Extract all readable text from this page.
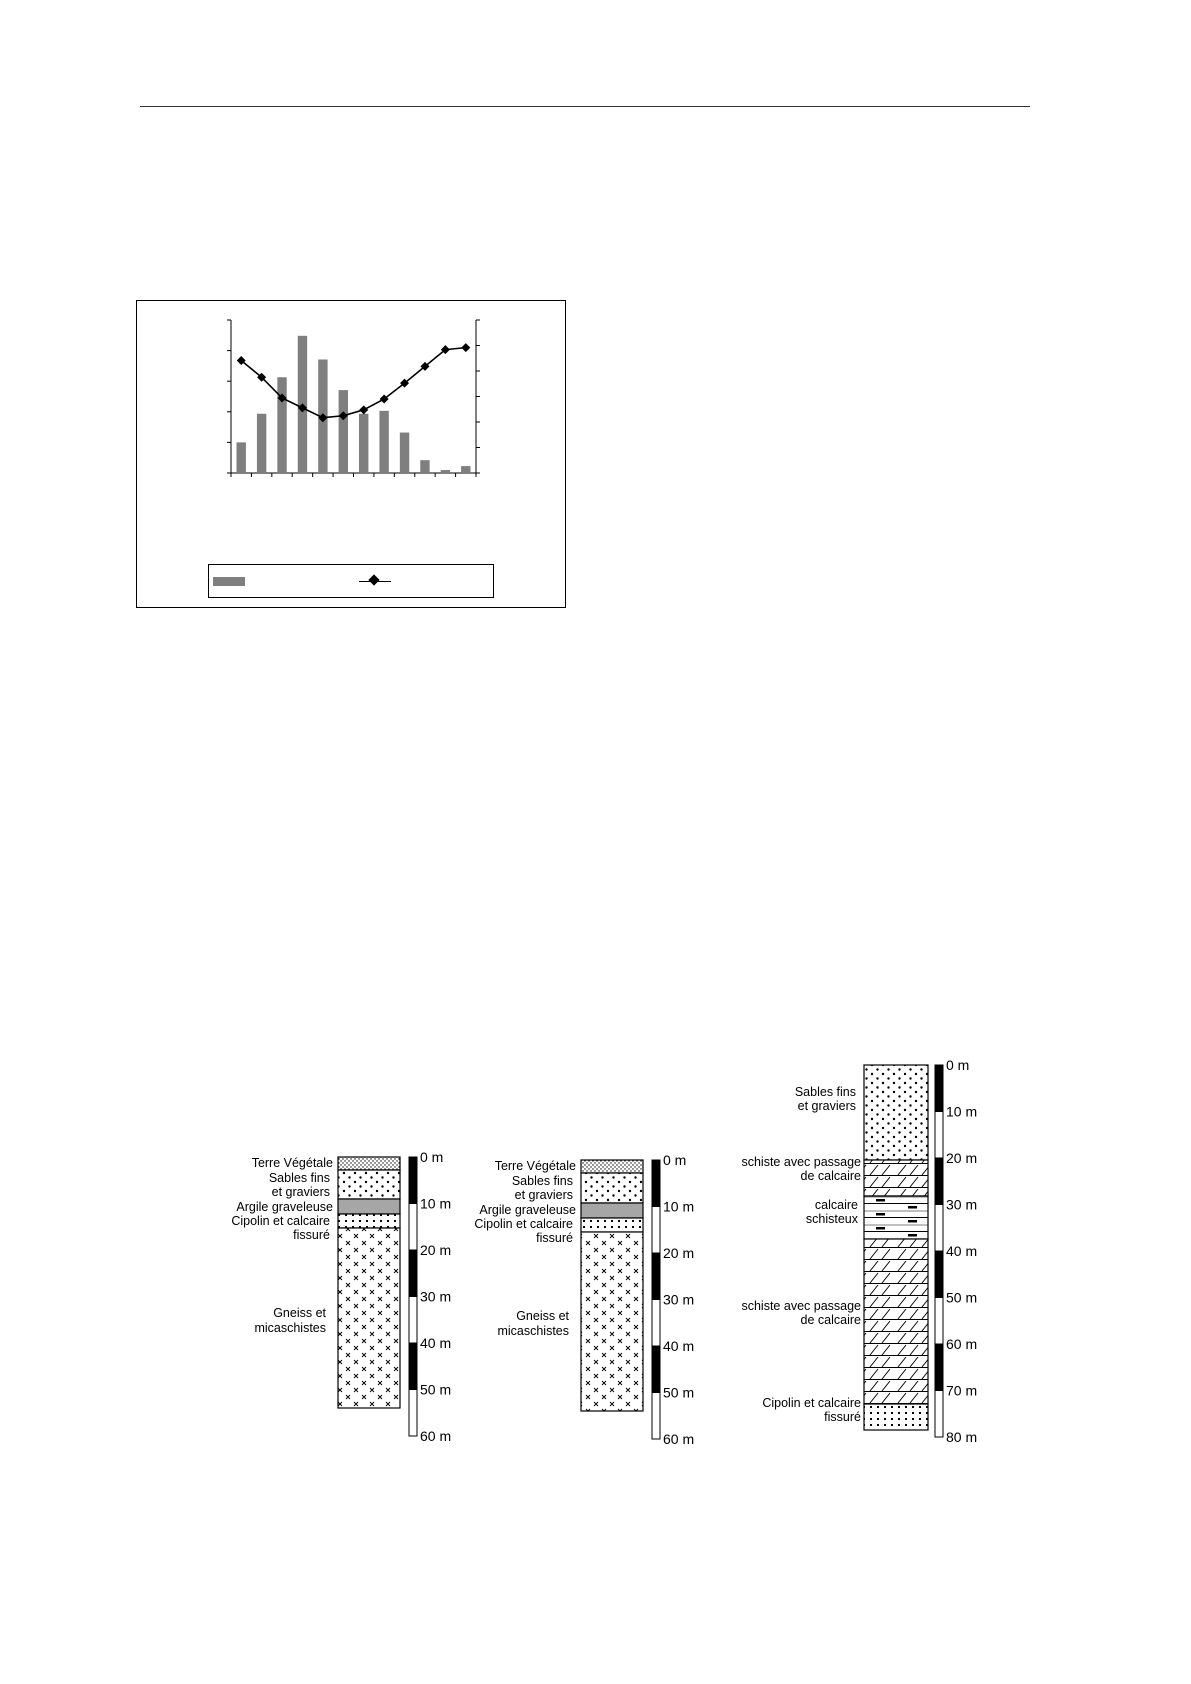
Terre Végétale
Sables fins
et graviers
Argile graveleuse
Cipolin et calcaire
fissuré
Gneiss et
micaschistes
0 m
10 m
20 m
30 m
40 m
50 m
60 m
Terre Végétale
Sables fins
et graviers
Argile graveleuse
Cipolin et calcaire
fissuré
Gneiss et
micaschistes
0 m
10 m
20 m
30 m
40 m
50 m
60 m
Sables fins
et graviers
schiste avec passage
de calcaire
calcaire
schisteux
schiste avec passage
de calcaire
Cipolin et calcaire
fissuré
0 m
10 m
20 m
30 m
40 m
50 m
60 m
70 m
80 m
